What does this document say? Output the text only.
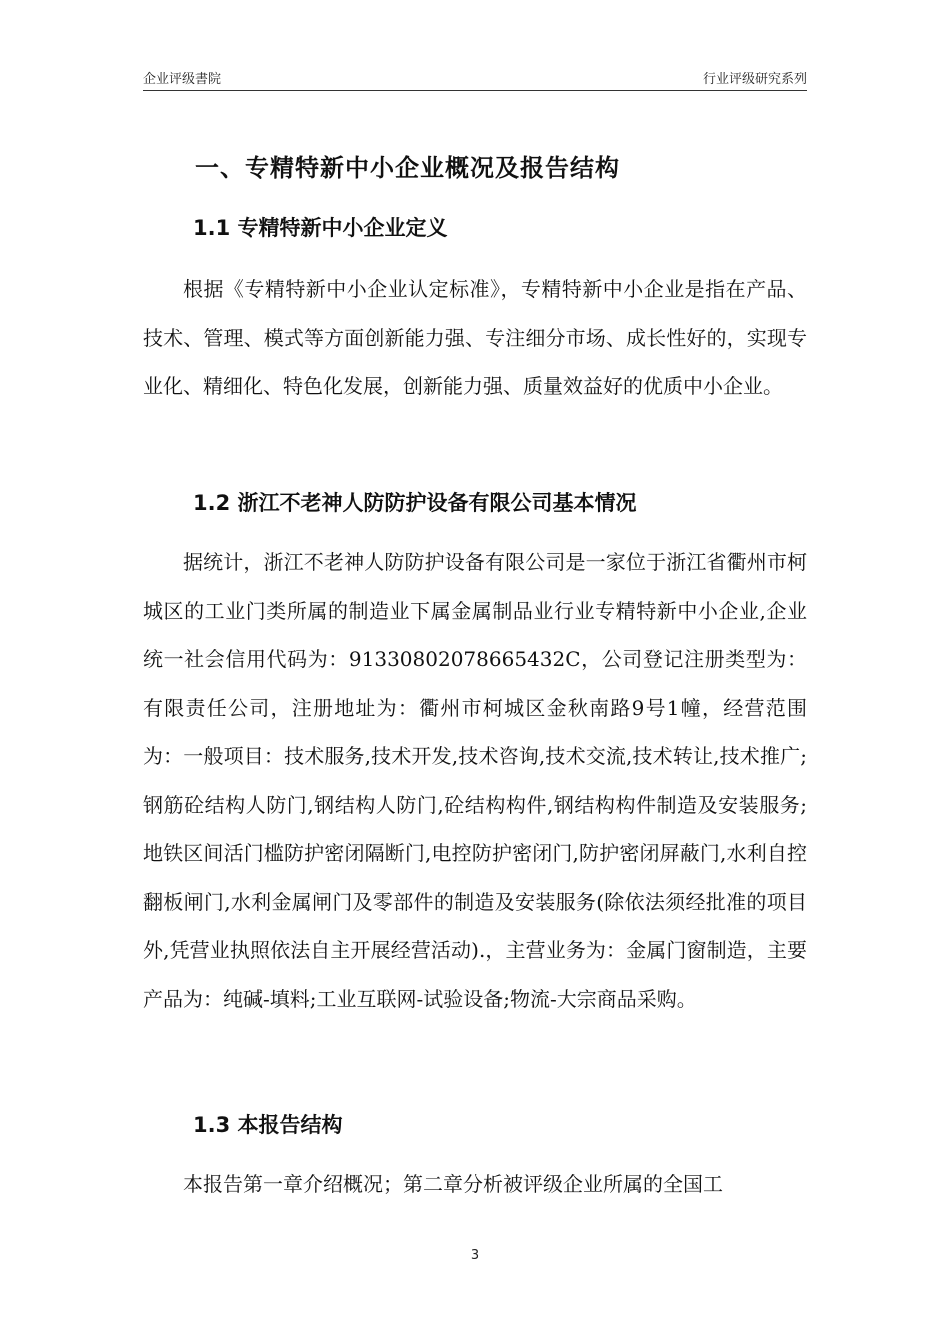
企业评级書院	行业评级研究系列
一、专精特新中小企业概况及报告结构
1.1 专精特新中小企业定义
根据《专精特新中小企业认定标准》，专精特新中小企业是指在产品、技术、管理、模式等方面创新能力强、专注细分市场、成长性好的，实现专业化、精细化、特色化发展，创新能力强、质量效益好的优质中小企业。
1.2 浙江不老神人防防护设备有限公司基本情况
据统计，浙江不老神人防防护设备有限公司是一家位于浙江省衢州市柯城区的工业门类所属的制造业下属金属制品业行业专精特新中小企业,企业统一社会信用代码为：91330802078665432C，公司登记注册类型为：有限责任公司，注册地址为：衢州市柯城区金秋南路9号1幢，经营范围为：一般项目：技术服务,技术开发,技术咨询,技术交流,技术转让,技术推广;钢筋砼结构人防门,钢结构人防门,砼结构构件,钢结构构件制造及安装服务;地铁区间活门槛防护密闭隔断门,电控防护密闭门,防护密闭屏蔽门,水利自控翻板闸门,水利金属闸门及零部件的制造及安装服务(除依法须经批准的项目外,凭营业执照依法自主开展经营活动).，主营业务为：金属门窗制造，主要产品为：纯碱-填料;工业互联网-试验设备;物流-大宗商品采购。
1.3 本报告结构
本报告第一章介绍概况；第二章分析被评级企业所属的全国工
3
